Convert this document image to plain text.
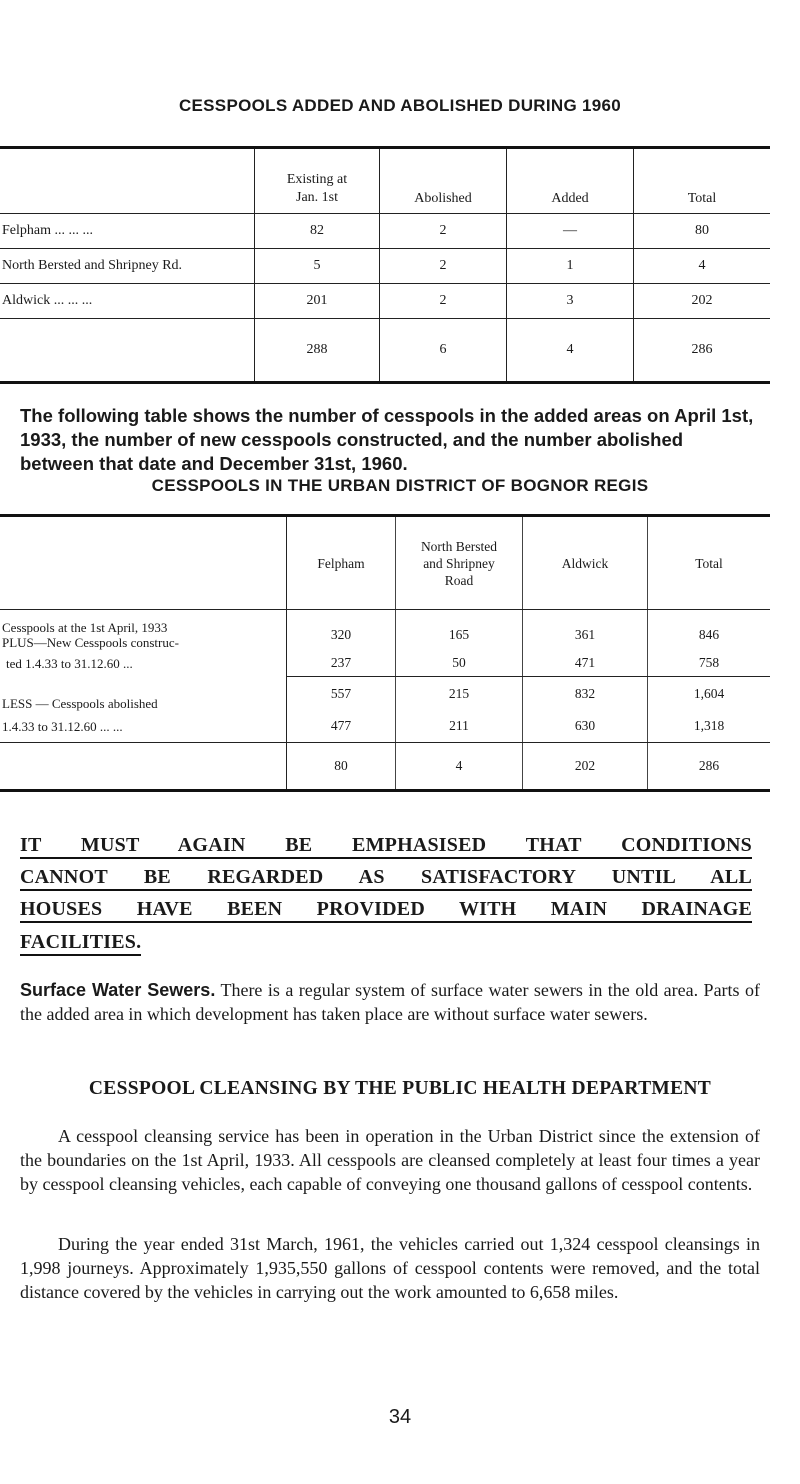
CESSPOOLS ADDED AND ABOLISHED DURING 1960
	Existing at Jan. 1st	Abolished	Added	Total
Felpham ... ... ...	82	2	—	80
North Bersted and Shripney Rd.	5	2	1	4
Aldwick ... ... ...	201	2	3	202
	288	6	4	286
The following table shows the number of cesspools in the added areas on April 1st, 1933, the number of new cesspools constructed, and the number abolished between that date and December 31st, 1960.
CESSPOOLS IN THE URBAN DISTRICT OF BOGNOR REGIS
	Felpham	North Bersted and Shripney Road	Aldwick	Total

Cesspools at the 1st April, 1933
PLUS—New Cesspools construc-	320	165	361	846

ted 1.4.33 to 31.12.60 ...	237	50	471	758

LESS — Cesspools abolished	557	215	832	1,604

1.4.33 to 31.12.60 ... ...	477	211	630	1,318
	80	4	202	286
IT MUST AGAIN BE EMPHASISED THAT CONDITIONS
CANNOT BE REGARDED AS SATISFACTORY UNTIL ALL
HOUSES HAVE BEEN PROVIDED WITH MAIN DRAINAGE
FACILITIES.
Surface Water Sewers. There is a regular system of surface water sewers in the old area. Parts of the added area in which development has taken place are without surface water sewers.
CESSPOOL CLEANSING BY THE PUBLIC HEALTH DEPARTMENT
A cesspool cleansing service has been in operation in the Urban District since the extension of the boundaries on the 1st April, 1933. All cesspools are cleansed completely at least four times a year by cesspool cleansing vehicles, each capable of conveying one thousand gallons of cesspool contents.
During the year ended 31st March, 1961, the vehicles carried out 1,324 cesspool cleansings in 1,998 journeys. Approximately 1,935,550 gallons of cesspool contents were removed, and the total distance covered by the vehicles in carrying out the work amounted to 6,658 miles.
34
